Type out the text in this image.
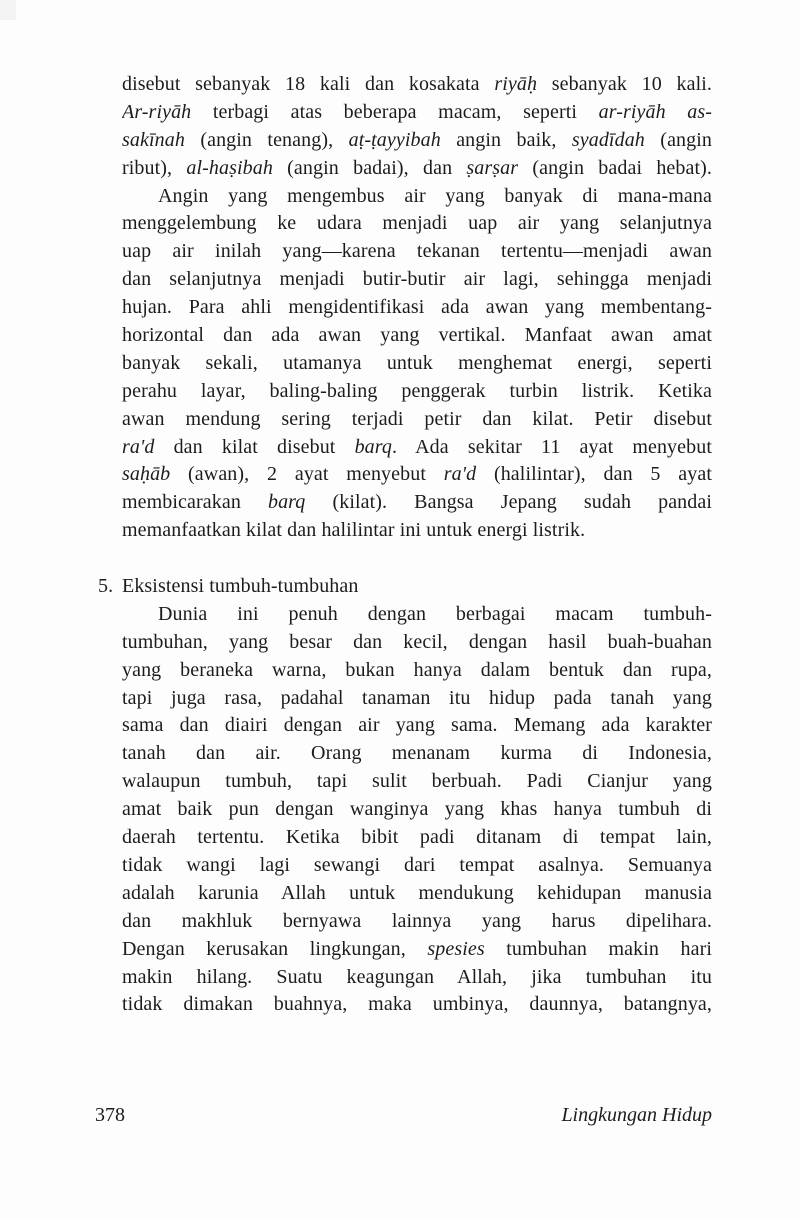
disebut sebanyak 18 kali dan kosakata riyāḥ sebanyak 10 kali.
Ar-riyāh terbagi atas beberapa macam, seperti ar-riyāh as-
sakīnah (angin tenang), aṭ-ṭayyibah angin baik, syadīdah (angin
ribut), al-haṣibah (angin badai), dan ṣarṣar (angin badai hebat).
Angin yang mengembus air yang banyak di mana-mana
menggelembung ke udara menjadi uap air yang selanjutnya
uap air inilah yang—karena tekanan tertentu—menjadi awan
dan selanjutnya menjadi butir-butir air lagi, sehingga menjadi
hujan. Para ahli mengidentifikasi ada awan yang membentang-
horizontal dan ada awan yang vertikal. Manfaat awan amat
banyak sekali, utamanya untuk menghemat energi, seperti
perahu layar, baling-baling penggerak turbin listrik. Ketika
awan mendung sering terjadi petir dan kilat. Petir disebut
ra'd dan kilat disebut barq. Ada sekitar 11 ayat menyebut
saḥāb (awan), 2 ayat menyebut ra'd (halilintar), dan 5 ayat
membicarakan barq (kilat). Bangsa Jepang sudah pandai
memanfaatkan kilat dan halilintar ini untuk energi listrik.
5. Eksistensi tumbuh-tumbuhan
Dunia ini penuh dengan berbagai macam tumbuh-
tumbuhan, yang besar dan kecil, dengan hasil buah-buahan
yang beraneka warna, bukan hanya dalam bentuk dan rupa,
tapi juga rasa, padahal tanaman itu hidup pada tanah yang
sama dan diairi dengan air yang sama. Memang ada karakter
tanah dan air. Orang menanam kurma di Indonesia,
walaupun tumbuh, tapi sulit berbuah. Padi Cianjur yang
amat baik pun dengan wanginya yang khas hanya tumbuh di
daerah tertentu. Ketika bibit padi ditanam di tempat lain,
tidak wangi lagi sewangi dari tempat asalnya. Semuanya
adalah karunia Allah untuk mendukung kehidupan manusia
dan makhluk bernyawa lainnya yang harus dipelihara.
Dengan kerusakan lingkungan, spesies tumbuhan makin hari
makin hilang. Suatu keagungan Allah, jika tumbuhan itu
tidak dimakan buahnya, maka umbinya, daunnya, batangnya,
378	Lingkungan Hidup
